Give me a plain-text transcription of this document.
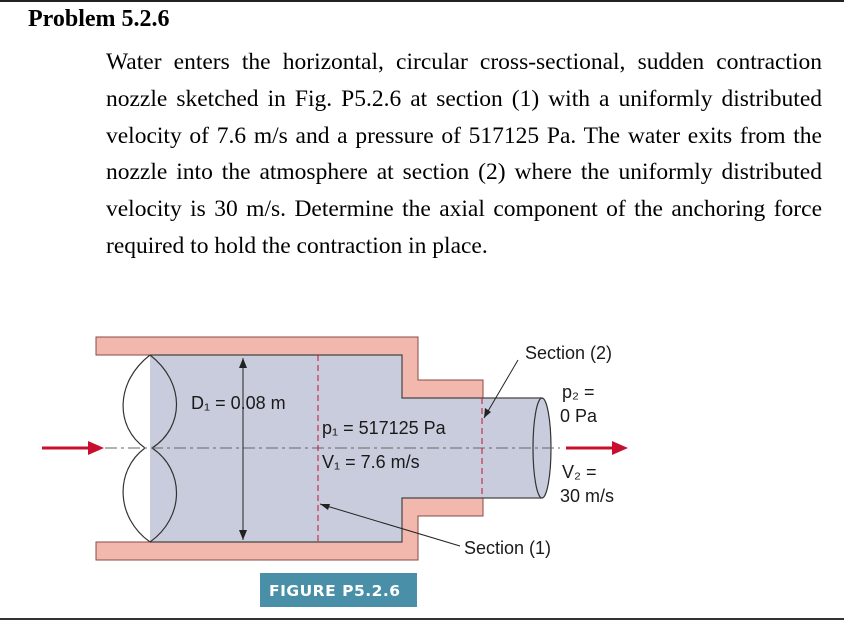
Problem 5.2.6
Water enters the horizontal, circular cross-sectional, sudden contraction nozzle sketched in Fig. P5.2.6 at section (1) with a uniformly distributed velocity of 7.6 m/s and a pressure of 517125 Pa. The water exits from the nozzle into the atmosphere at section (2) where the uniformly distributed velocity is 30 m/s. Determine the axial component of the anchoring force required to hold the contraction in place.
D₁ = 0.08 m
p₁ = 517125 Pa
V₁ = 7.6 m/s
Section (2)
p₂ =
0 Pa
V₂ =
30 m/s
Section (1)
FIGURE P5.2.6
